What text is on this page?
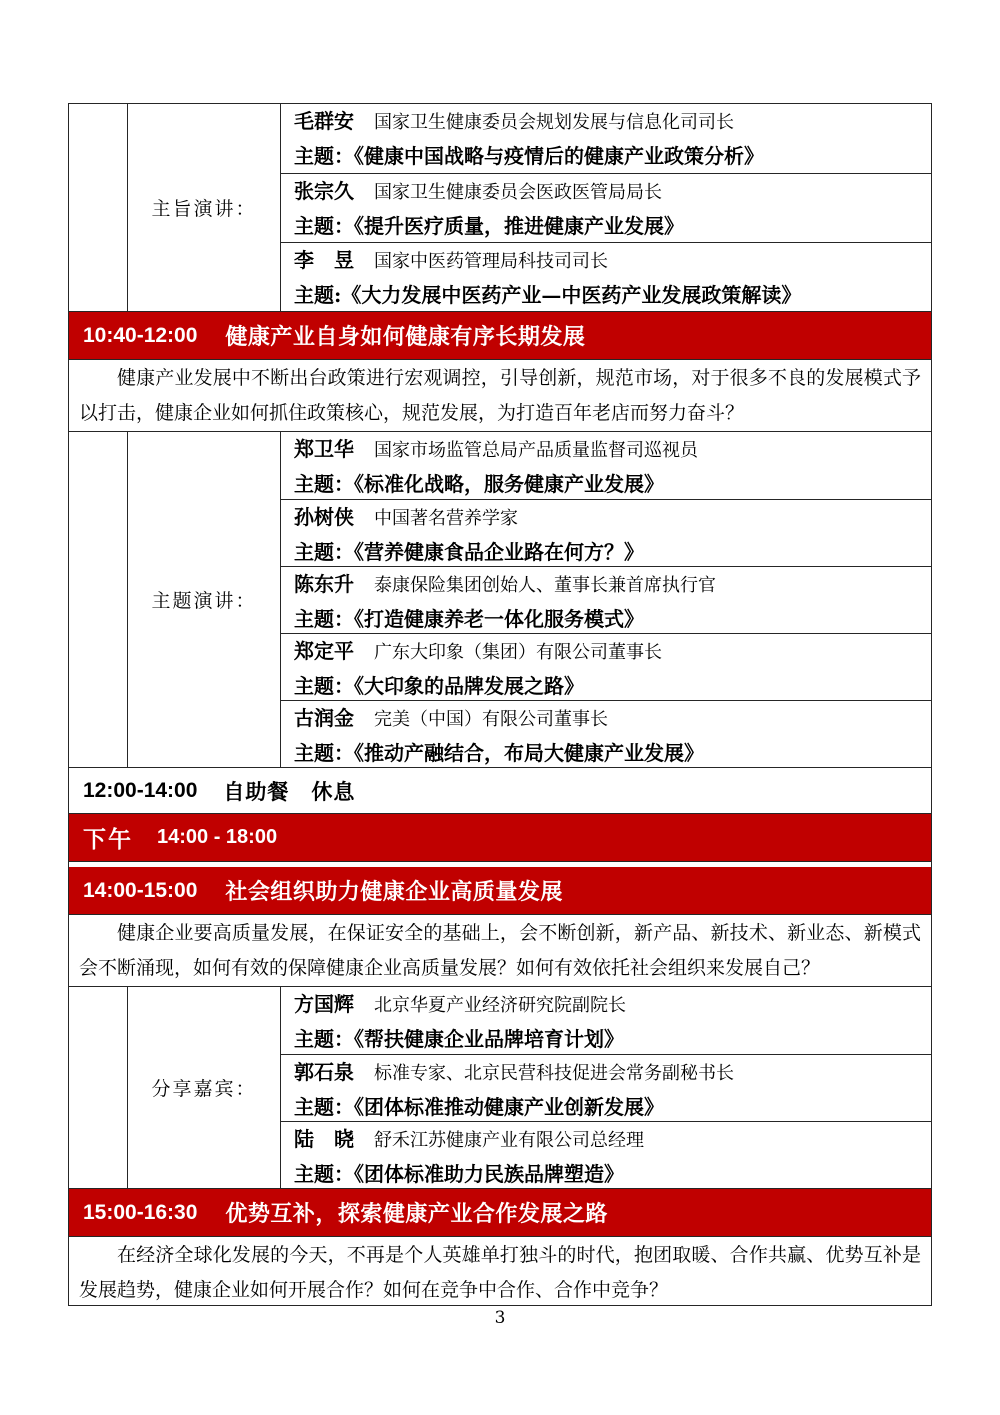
主旨演讲：
毛群安 国家卫生健康委员会规划发展与信息化司司长
主题：《健康中国战略与疫情后的健康产业政策分析》
张宗久 国家卫生健康委员会医政医管局局长
主题：《提升医疗质量，推进健康产业发展》
李　昱 国家中医药管理局科技司司长
主题:《大力发展中医药产业—中医药产业发展政策解读》
10:40-12:00 健康产业自身如何健康有序长期发展
健康产业发展中不断出台政策进行宏观调控，引导创新，规范市场，对于很多不良的发展模式予以打击，健康企业如何抓住政策核心，规范发展，为打造百年老店而努力奋斗？
主题演讲：
郑卫华 国家市场监管总局产品质量监督司巡视员
主题：《标准化战略，服务健康产业发展》
孙树侠 中国著名营养学家
主题：《营养健康食品企业路在何方？》
陈东升 泰康保险集团创始人、董事长兼首席执行官
主题：《打造健康养老一体化服务模式》
郑定平 广东大印象（集团）有限公司董事长
主题：《大印象的品牌发展之路》
古润金 完美（中国）有限公司董事长
主题：《推动产融结合，布局大健康产业发展》
12:00-14:00 自助餐　休息
下午 14:00 - 18:00
14:00-15:00 社会组织助力健康企业高质量发展
健康企业要高质量发展，在保证安全的基础上，会不断创新，新产品、新技术、新业态、新模式会不断涌现，如何有效的保障健康企业高质量发展？如何有效依托社会组织来发展自己？
分享嘉宾：
方国辉 北京华夏产业经济研究院副院长
主题：《帮扶健康企业品牌培育计划》
郭石泉 标准专家、北京民营科技促进会常务副秘书长
主题：《团体标准推动健康产业创新发展》
陆　晓 舒禾江苏健康产业有限公司总经理
主题：《团体标准助力民族品牌塑造》
15:00-16:30 优势互补，探索健康产业合作发展之路
在经济全球化发展的今天，不再是个人英雄单打独斗的时代，抱团取暖、合作共赢、优势互补是发展趋势，健康企业如何开展合作？如何在竞争中合作、合作中竞争？
3
